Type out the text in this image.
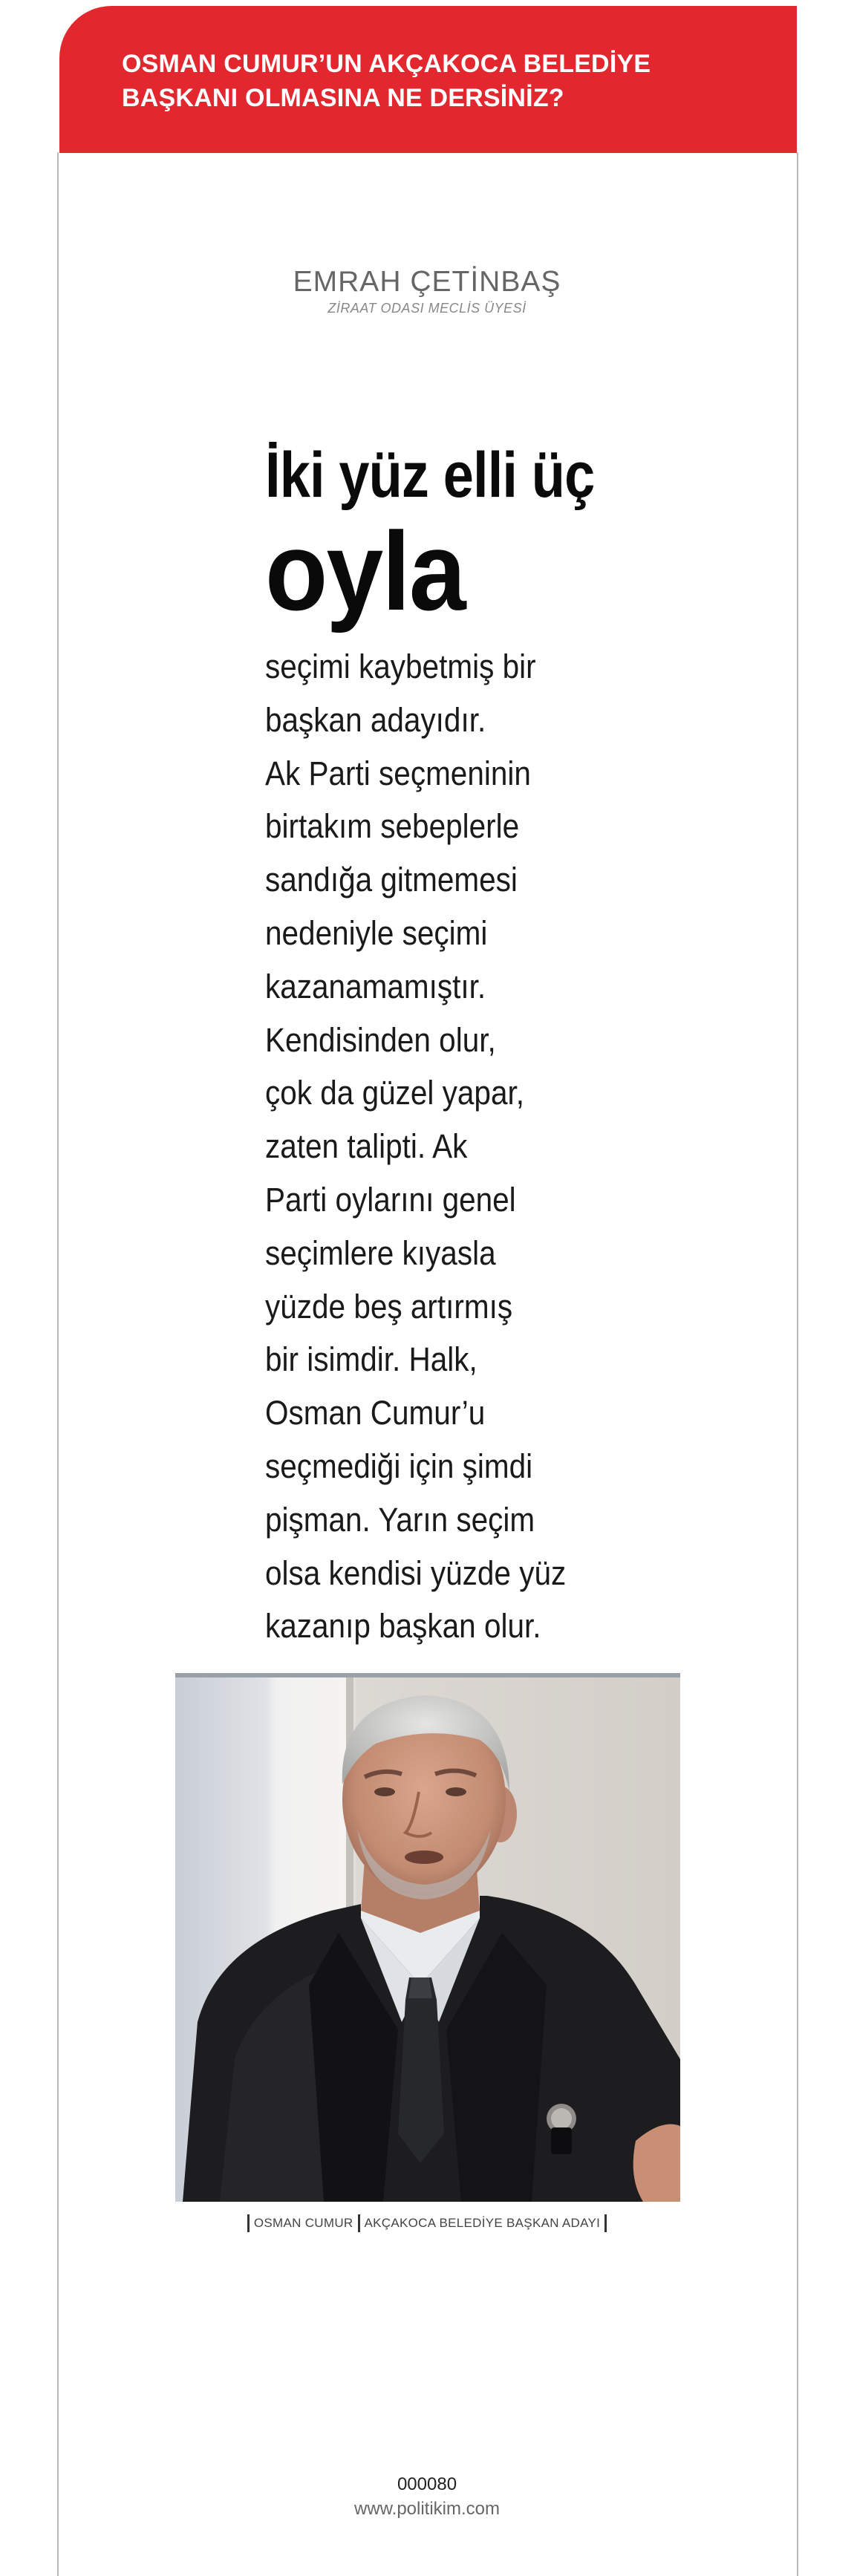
OSMAN CUMUR’UN AKÇAKOCA BELEDİYE
BAŞKANI OLMASINA NE DERSİNİZ?

EMRAH ÇETİNBAŞ
ZİRAAT ODASI MECLİS ÜYESİ
İki yüz elli üç
oyla
seçimi kaybetmiş bir
başkan adayıdır.
Ak Parti seçmeninin
birtakım sebeplerle
sandığa gitmemesi
nedeniyle seçimi
kazanamamıştır.
Kendisinden olur,
çok da güzel yapar,
zaten talipti. Ak
Parti oylarını genel
seçimlere kıyasla
yüzde beş artırmış
bir isimdir. Halk,
Osman Cumur’u
seçmediği için şimdi
pişman. Yarın seçim
olsa kendisi yüzde yüz
kazanıp başkan olur.
OSMAN CUMUR AKÇAKOCA BELEDİYE BAŞKAN ADAYI
000080
www.politikim.com
